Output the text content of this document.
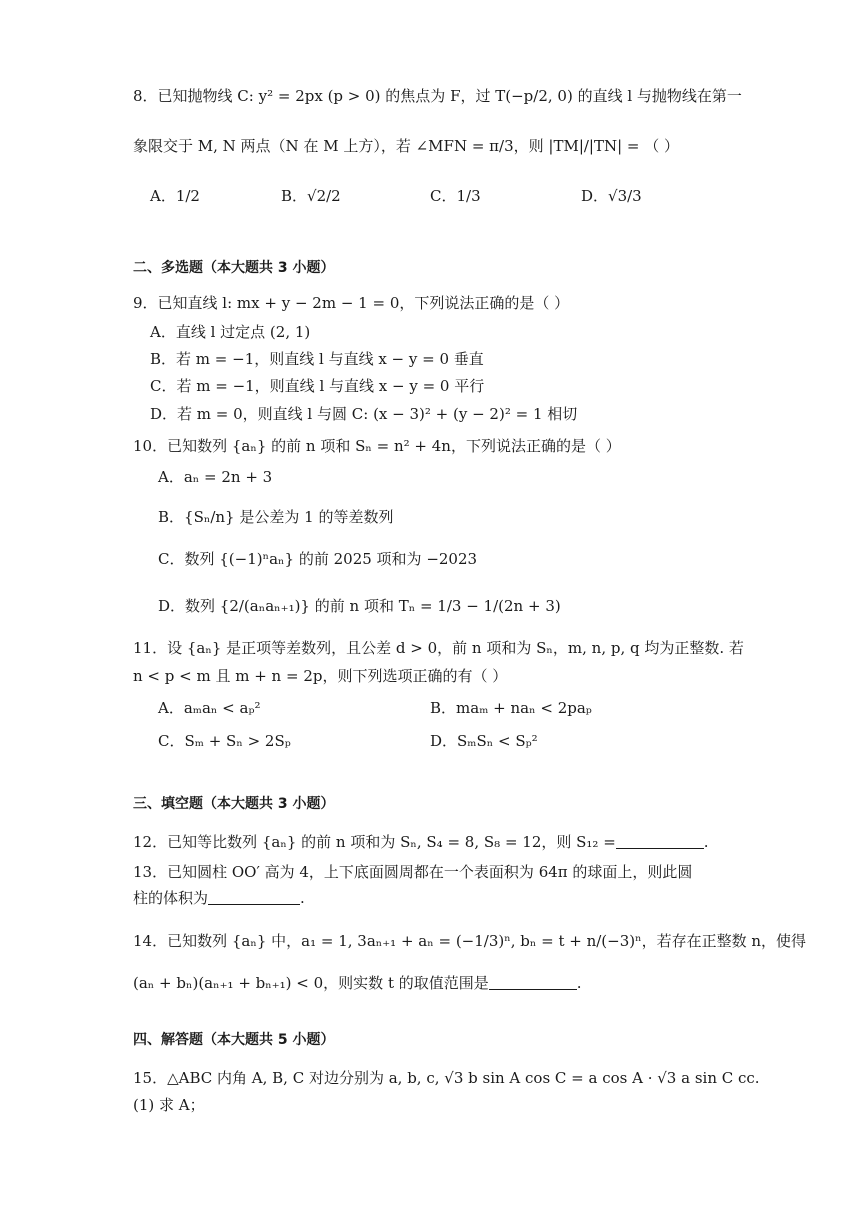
8．已知抛物线 C: y² = 2px (p > 0) 的焦点为 F，过 T(−p/2, 0) 的直线 l 与抛物线在第一
象限交于 M, N 两点（N 在 M 上方），若 ∠MFN = π/3，则 |TM|/|TN| = （ ）
A．1/2	B．√2/2	C．1/3	D．√3/3
二、多选题（本大题共 3 小题）
9．已知直线 l: mx + y − 2m − 1 = 0，下列说法正确的是（ ）
A．直线 l 过定点 (2, 1)
B．若 m = −1，则直线 l 与直线 x − y = 0 垂直
C．若 m = −1，则直线 l 与直线 x − y = 0 平行
D．若 m = 0，则直线 l 与圆 C: (x − 3)² + (y − 2)² = 1 相切
10．已知数列 {aₙ} 的前 n 项和 Sₙ = n² + 4n，下列说法正确的是（ ）
A．aₙ = 2n + 3
B．{Sₙ/n} 是公差为 1 的等差数列
C．数列 {(−1)ⁿaₙ} 的前 2025 项和为 −2023
D．数列 {2/(aₙaₙ₊₁)} 的前 n 项和 Tₙ = 1/3 − 1/(2n + 3)
11．设 {aₙ} 是正项等差数列，且公差 d > 0，前 n 项和为 Sₙ，m, n, p, q 均为正整数. 若
n < p < m 且 m + n = 2p，则下列选项正确的有（ ）
A．aₘaₙ < aₚ²	B．maₘ + naₙ < 2paₚ
C．Sₘ + Sₙ > 2Sₚ	D．SₘSₙ < Sₚ²
三、填空题（本大题共 3 小题）
12．已知等比数列 {aₙ} 的前 n 项和为 Sₙ, S₄ = 8, S₈ = 12，则 S₁₂ =	.
13．已知圆柱 OO′ 高为 4，上下底面圆周都在一个表面积为 64π 的球面上，则此圆
柱的体积为	.
14．已知数列 {aₙ} 中，a₁ = 1, 3aₙ₊₁ + aₙ = (−1/3)ⁿ, bₙ = t + n/(−3)ⁿ，若存在正整数 n，使得
(aₙ + bₙ)(aₙ₊₁ + bₙ₊₁) < 0，则实数 t 的取值范围是	.
四、解答题（本大题共 5 小题）
15．△ABC 内角 A, B, C 对边分别为 a, b, c, √3 b sin A cos C = a cos A · √3 a sin C cc.
(1) 求 A；
